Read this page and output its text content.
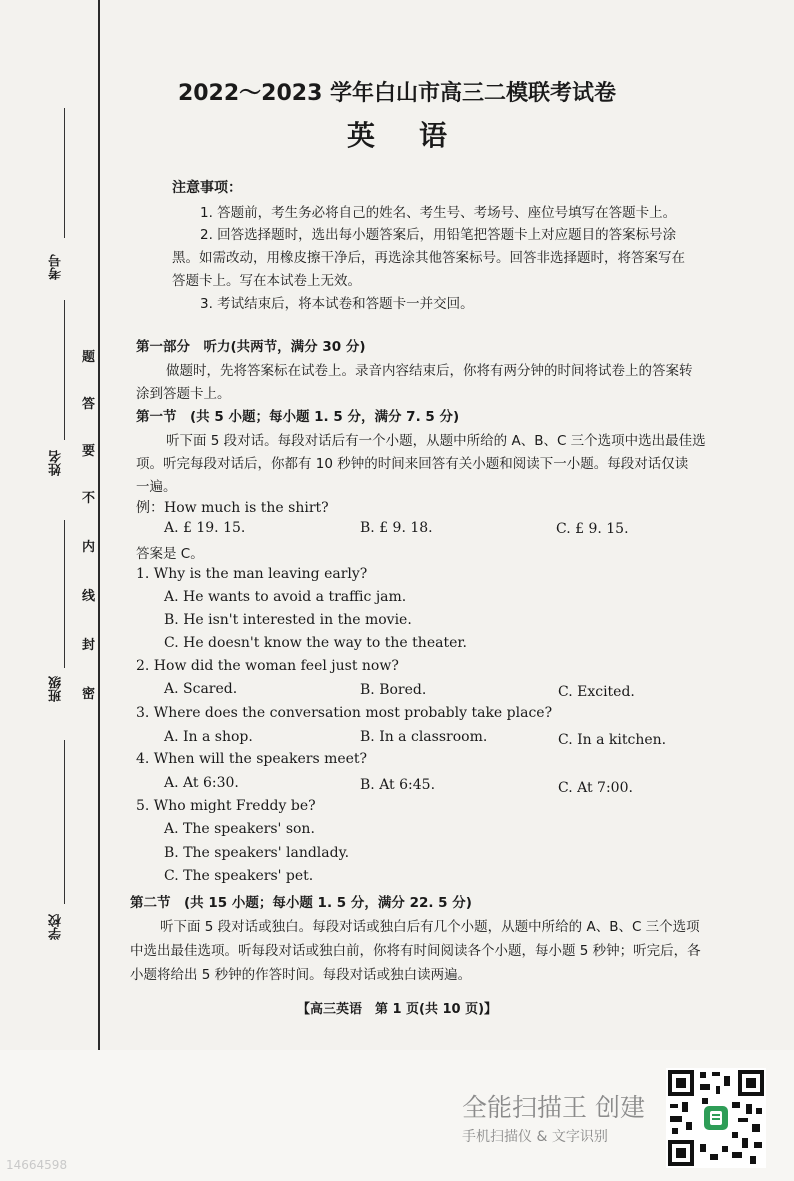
考号
姓名
班级
学校
题
答
要
不
内
线
封
密
2022～2023 学年白山市高三二模联考试卷
英语
注意事项：
1. 答题前，考生务必将自己的姓名、考生号、考场号、座位号填写在答题卡上。
2. 回答选择题时，选出每小题答案后，用铅笔把答题卡上对应题目的答案标号涂
黑。如需改动，用橡皮擦干净后，再选涂其他答案标号。回答非选择题时，将答案写在
答题卡上。写在本试卷上无效。
3. 考试结束后，将本试卷和答题卡一并交回。
第一部分　听力(共两节，满分 30 分)
做题时，先将答案标在试卷上。录音内容结束后，你将有两分钟的时间将试卷上的答案转
涂到答题卡上。
第一节　(共 5 小题；每小题 1. 5 分，满分 7. 5 分)
听下面 5 段对话。每段对话后有一个小题，从题中所给的 A、B、C 三个选项中选出最佳选
项。听完每段对话后，你都有 10 秒钟的时间来回答有关小题和阅读下一小题。每段对话仅读
一遍。
例：How much is the shirt?
A. £ 19. 15.	B. £ 9. 18.	C. £ 9. 15.
答案是 C。
1. Why is the man leaving early?
A. He wants to avoid a traffic jam.
B. He isn't interested in the movie.
C. He doesn't know the way to the theater.
2. How did the woman feel just now?
A. Scared.	B. Bored.	C. Excited.
3. Where does the conversation most probably take place?
A. In a shop.	B. In a classroom.	C. In a kitchen.
4. When will the speakers meet?
A. At 6:30.	B. At 6:45.	C. At 7:00.
5. Who might Freddy be?
A. The speakers' son.
B. The speakers' landlady.
C. The speakers' pet.
第二节　(共 15 小题；每小题 1. 5 分，满分 22. 5 分)
听下面 5 段对话或独白。每段对话或独白后有几个小题，从题中所给的 A、B、C 三个选项
中选出最佳选项。听每段对话或独白前，你将有时间阅读各个小题，每小题 5 秒钟；听完后，各
小题将给出 5 秒钟的作答时间。每段对话或独白读两遍。
【高三英语　第 1 页(共 10 页)】
全能扫描王 创建
手机扫描仪 & 文字识别
14664598
